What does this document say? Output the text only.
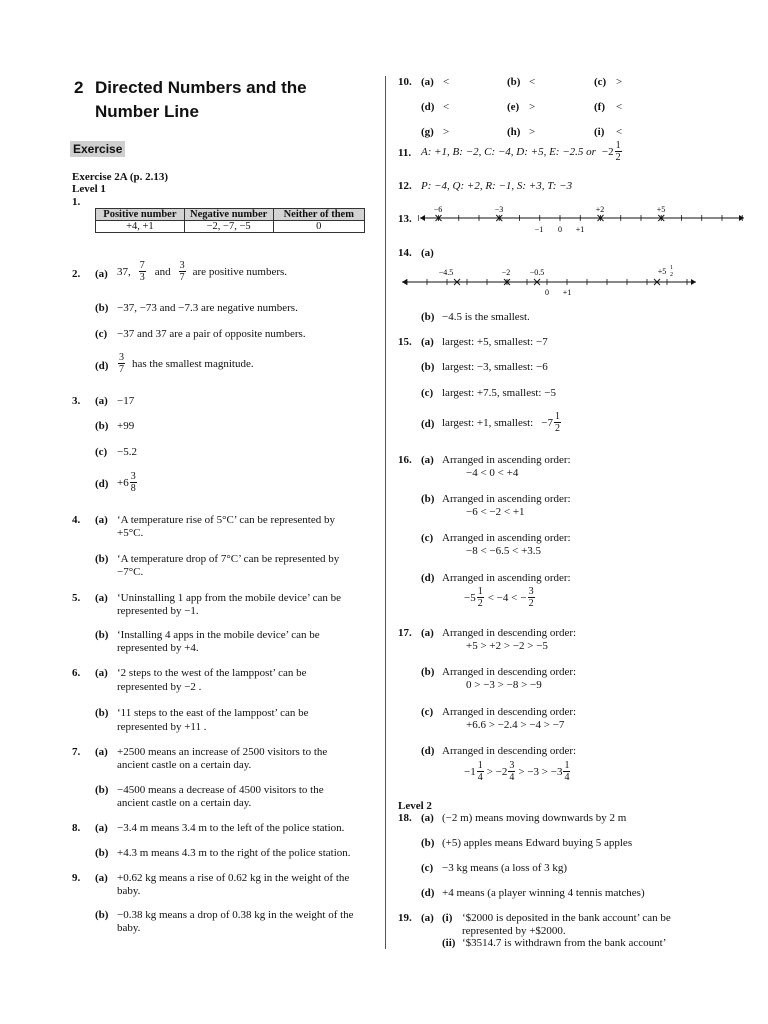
2 Directed Numbers and the
Number Line
Exercise
Exercise 2A (p. 2.13)
Level 1
1.
Positive number	Negative number	Neither of them
+4, +1	−2, −7, −5	0
2. (a) 37, $\frac{7}{3}$ and $\frac{3}{7}$ are positive numbers.
(b) −37, −73 and −7.3 are negative numbers.
(c) −37 and 37 are a pair of opposite numbers.
$(d) \frac{3}{7}$ has the smallest magnitude.
3. (a) −17
(b) +99
(c) −5.2
$(d) +6 \frac{3}{8}$
4. (a) ‘A temperature rise of 5°C’ can be represented by
+5°C.
(b) ‘A temperature drop of 7°C’ can be represented by
−7°C.
5. (a) ‘Uninstalling 1 app from the mobile device’ can be
represented by −1.
(b) ‘Installing 4 apps in the mobile device’ can be
represented by +4.
6. (a) ‘2 steps to the west of the lamppost’ can be
represented by −2 .
(b) ‘11 steps to the east of the lamppost’ can be
represented by +11 .
7. (a) +2500 means an increase of 2500 visitors to the
ancient castle on a certain day.
(b) −4500 means a decrease of 4500 visitors to the
ancient castle on a certain day.
8. (a) −3.4 m means 3.4 m to the left of the police station.
(b) +4.3 m means 4.3 m to the right of the police station.
9. (a) +0.62 kg means a rise of 0.62 kg in the weight of the
baby.
(b) −0.38 kg means a drop of 0.38 kg in the weight of the
baby.
10. (a) <	(b) <	(c) >
(d) <	(e) >	(f) <
(g) >	(h) >	(i) <
11. A: +1, B: −2, C: −4, D: +5, E: −2.5 or $-2 \frac{1}{2}$
12. P: −4, Q: +2, R: −1, S: +3, T: −3
13.
−6	−3	+2	+5
−1 0 +1
14. (a)
−4.5	−2 −0.5	+5 1
2
0 +1
(b) −4.5 is the smallest.
15. (a) largest: +5, smallest: −7
(b) largest: −3, smallest: −6
(c) largest: +7.5, smallest: −5
(d) largest: +1, smallest: $-7 \frac{1}{2}$
16. (a) Arranged in ascending order:
−4 < 0 < +4
(b) Arranged in ascending order:
−6 < −2 < +1
(c) Arranged in ascending order:
−8 < −6.5 < +3.5
(d) Arranged in ascending order:
$-5 \frac{1}{2} < -4$ < − $\frac{3}{2}$
17. (a) Arranged in descending order:
+5 > +2 > −2 > −5
(b) Arranged in descending order:
0 > −3 > −8 > −9
(c) Arranged in descending order:
+6.6 > −2.4 > −4 > −7
(d) Arranged in descending order:
$-1 \frac{1}{4} > -2 \frac{3}{4} > -3 > -3 \frac{1}{4}$
Level 2
18. (a) (−2 m) means moving downwards by 2 m
(b) (+5) apples means Edward buying 5 apples
(c) −3 kg means (a loss of 3 kg)
(d) +4 means (a player winning 4 tennis matches)
19. (a) (i) ‘$2000 is deposited in the bank account’ can be
represented by +$2000.
(ii) ‘$3514.7 is withdrawn from the bank account’
